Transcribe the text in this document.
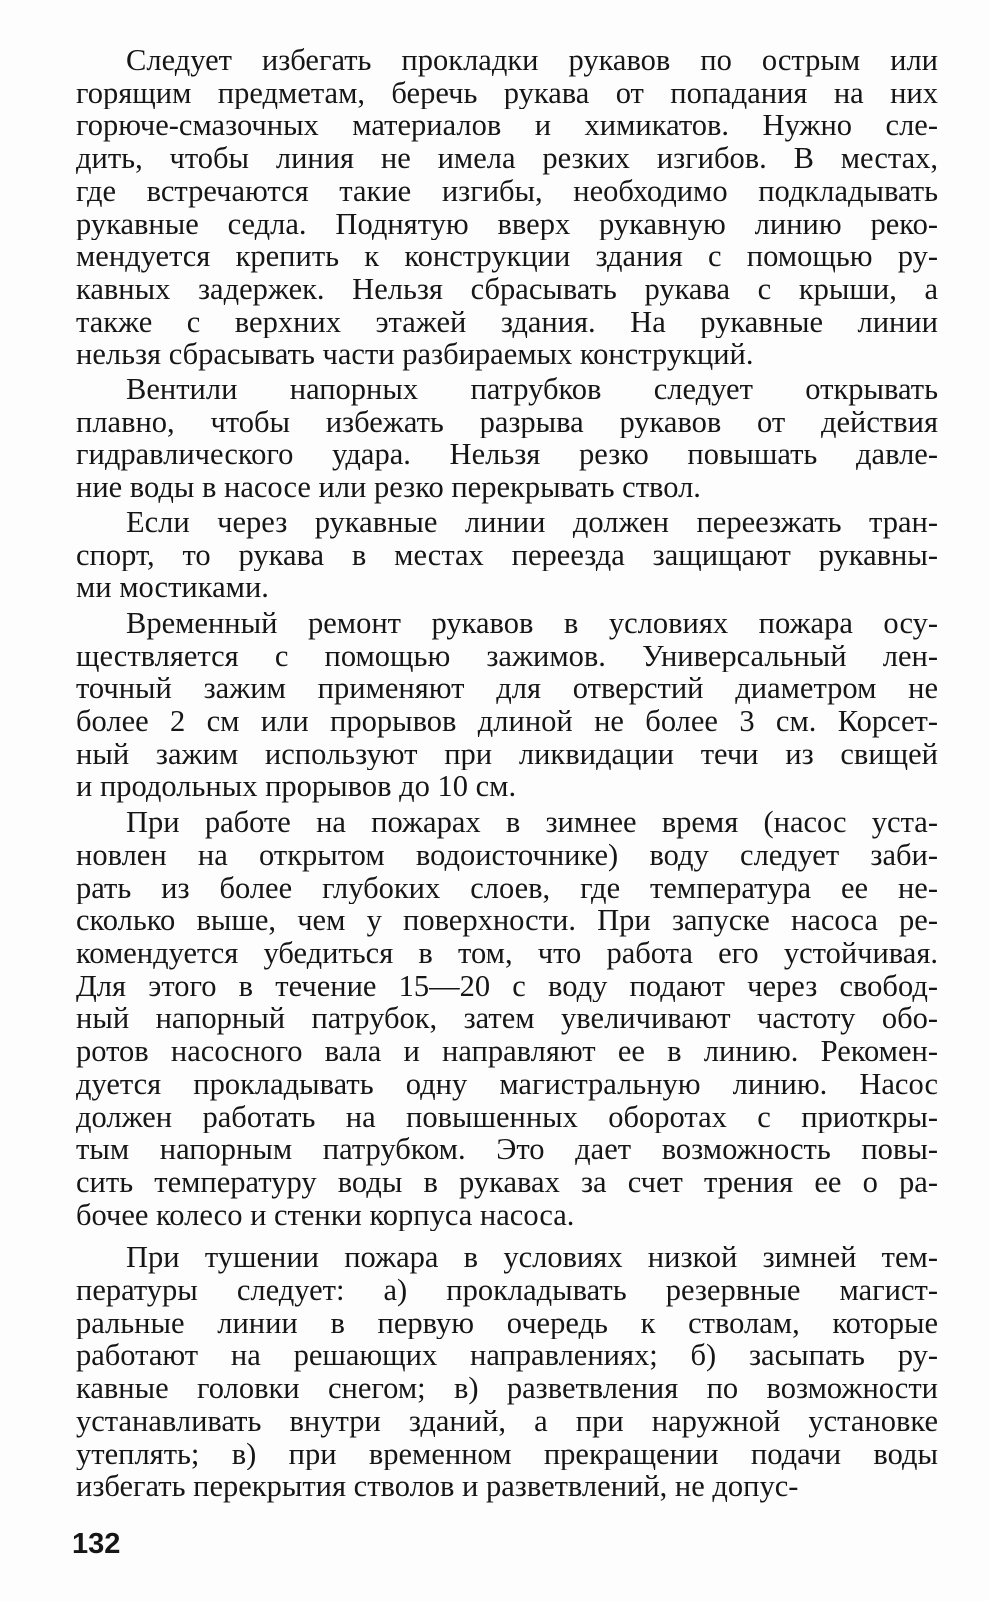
Следует избегать прокладки рукавов по острым или
горящим предметам, беречь рукава от попадания на них
горюче-смазочных материалов и химикатов. Нужно сле-
дить, чтобы линия не имела резких изгибов. В местах,
где встречаются такие изгибы, необходимо подкладывать
рукавные седла. Поднятую вверх рукавную линию реко-
мендуется крепить к конструкции здания с помощью ру-
кавных задержек. Нельзя сбрасывать рукава с крыши, а
также с верхних этажей здания. На рукавные линии
нельзя сбрасывать части разбираемых конструкций.
Вентили напорных патрубков следует открывать
плавно, чтобы избежать разрыва рукавов от действия
гидравлического удара. Нельзя резко повышать давле-
ние воды в насосе или резко перекрывать ствол.
Если через рукавные линии должен переезжать тран-
спорт, то рукава в местах переезда защищают рукавны-
ми мостиками.
Временный ремонт рукавов в условиях пожара осу-
ществляется с помощью зажимов. Универсальный лен-
точный зажим применяют для отверстий диаметром не
более 2 см или прорывов длиной не более 3 см. Корсет-
ный зажим используют при ликвидации течи из свищей
и продольных прорывов до 10 см.
При работе на пожарах в зимнее время (насос уста-
новлен на открытом водоисточнике) воду следует заби-
рать из более глубоких слоев, где температура ее не-
сколько выше, чем у поверхности. При запуске насоса ре-
комендуется убедиться в том, что работа его устойчивая.
Для этого в течение 15—20 с воду подают через свобод-
ный напорный патрубок, затем увеличивают частоту обо-
ротов насосного вала и направляют ее в линию. Рекомен-
дуется прокладывать одну магистральную линию. Насос
должен работать на повышенных оборотах с приоткры-
тым напорным патрубком. Это дает возможность повы-
сить температуру воды в рукавах за счет трения ее о ра-
бочее колесо и стенки корпуса насоса.
При тушении пожара в условиях низкой зимней тем-
пературы следует: а) прокладывать резервные магист-
ральные линии в первую очередь к стволам, которые
работают на решающих направлениях; б) засыпать ру-
кавные головки снегом; в) разветвления по возможности
устанавливать внутри зданий, а при наружной установке
утеплять; в) при временном прекращении подачи воды
избегать перекрытия стволов и разветвлений, не допус-
132
